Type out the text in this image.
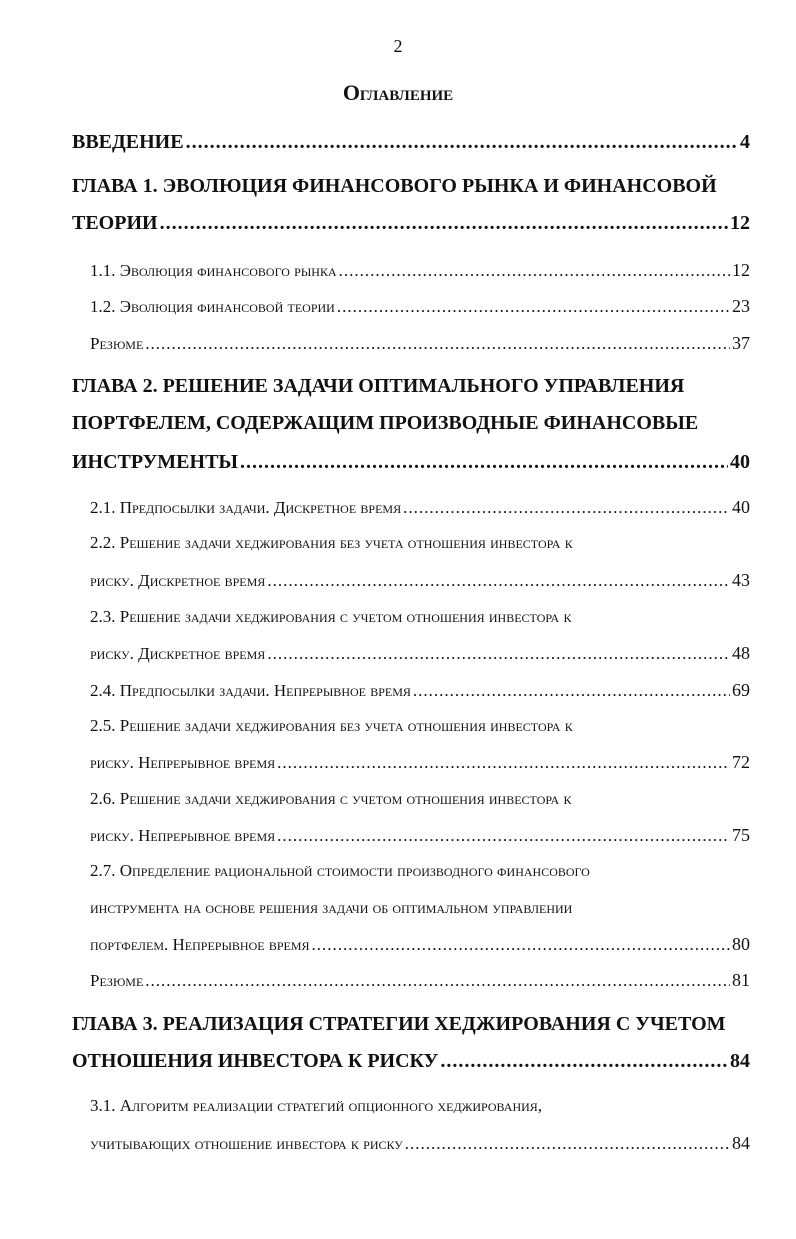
2
Оглавление
ВВЕДЕНИЕ .....	4
ГЛАВА 1. ЭВОЛЮЦИЯ ФИНАНСОВОГО РЫНКА И ФИНАНСОВОЙ
ТЕОРИИ .....	12
1.1. Эволюция финансового рынка .....	12
1.2. Эволюция финансовой теории .....	23
Резюме .....	37
ГЛАВА 2. РЕШЕНИЕ ЗАДАЧИ ОПТИМАЛЬНОГО УПРАВЛЕНИЯ
ПОРТФЕЛЕМ, СОДЕРЖАЩИМ ПРОИЗВОДНЫЕ ФИНАНСОВЫЕ
ИНСТРУМЕНТЫ .....	40
2.1. Предпосылки задачи. Дискретное время .....	40
2.2. Решение задачи хеджирования без учета отношения инвестора к
риску. Дискретное время .....	43
2.3. Решение задачи хеджирования с учетом отношения инвестора к
риску. Дискретное время .....	48
2.4. Предпосылки задачи. Непрерывное время .....	69
2.5. Решение задачи хеджирования без учета отношения инвестора к
риску. Непрерывное время .....	72
2.6. Решение задачи хеджирования с учетом отношения инвестора к
риску. Непрерывное время .....	75
2.7. Определение рациональной стоимости производного финансового
инструмента на основе решения задачи об оптимальном управлении
портфелем. Непрерывное время .....	80
Резюме .....	81
ГЛАВА 3. РЕАЛИЗАЦИЯ СТРАТЕГИИ ХЕДЖИРОВАНИЯ С УЧЕТОМ
ОТНОШЕНИЯ ИНВЕСТОРА К РИСКУ .....	84
3.1. Алгоритм реализации стратегий опционного хеджирования,
учитывающих отношение инвестора к риску .....	84
